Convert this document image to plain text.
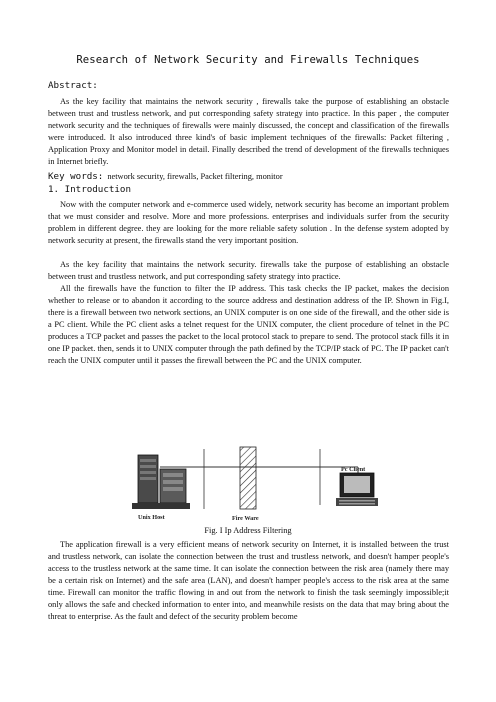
Research of Network Security and Firewalls Techniques
Abstract:

As the key facility that maintains the network security , firewalls take the purpose of establishing an obstacle between trust and trustless network, and put corresponding safety strategy into practice. In this paper , the computer network security and the techniques of firewalls were mainly discussed, the concept and classification of the firewalls were introduced. It also introduced three kind's of basic implement techniques of the firewalls: Packet filtering , Application Proxy and Monitor model in detail. Finally described the trend of development of the firewalls techniques in Internet briefly.

Key words: network security, firewalls, Packet filtering, monitor
1. Introduction

Now with the computer network and e-commerce used widely, network security has become an important problem that we must consider and resolve. More and more professions. enterprises and individuals surfer from the security problem in different degree. they are looking for the more reliable safety solution . In the defense system adopted by network security at present, the firewalls stand the very important position.

As the key facility that maintains the network security. firewalls take the purpose of establishing an obstacle between trust and trustless network, and put corresponding safety strategy into practice.

All the firewalls have the function to filter the IP address. This task checks the IP packet, makes the decision whether to release or to abandon it according to the source address and destination address of the IP. Shown in Fig.I, there is a firewall between two network sections, an UNIX computer is on one side of the firewall, and the other side is a PC client. While the PC client asks a telnet request for the UNIX computer, the client procedure of telnet in the PC produces a TCP packet and passes the packet to the local protocol stack to prepare to send. The protocol stack fills it in one IP packet. then, sends it to UNIX computer through the path defined by the TCP/IP stack of PC. The IP packet can't reach the UNIX computer until it passes the firewall between the PC and the UNIX computer.

Unix Host	Fire Ware
Pc Client
Fig. I Ip Address Filtering

The application firewall is a very efficient means of network security on Internet, it is installed between the trust and trustless network, can isolate the connection between the trust and trustless network, and doesn't hamper people's access to the trustless network at the same time. It can isolate the connection between the risk area (namely there may be a certain risk on Internet) and the safe area (LAN), and doesn't hamper people's access to the risk area at the same time. Firewall can monitor the traffic flowing in and out from the network to finish the task seemingly impossible;it only allows the safe and checked information to enter into, and meanwhile resists on the data that may bring about the threat to enterprise. As the fault and defect of the security problem become
